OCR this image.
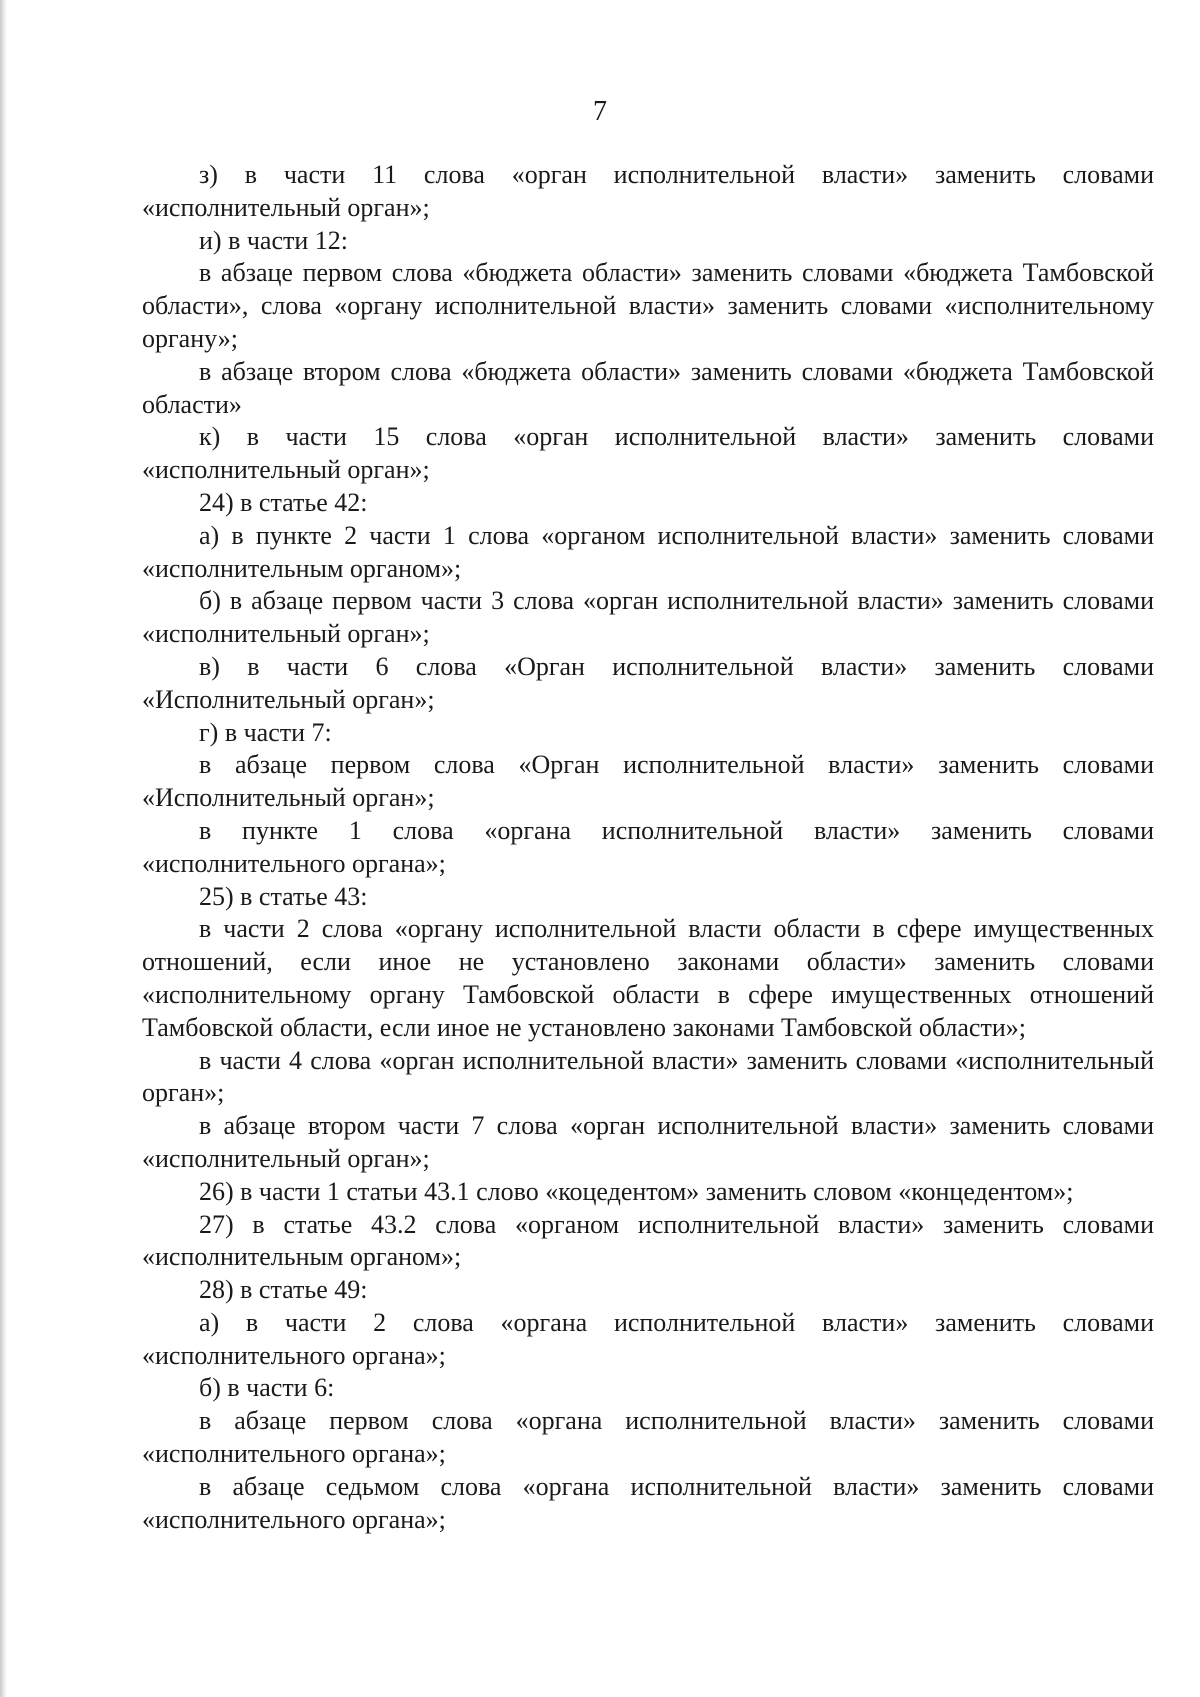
7

з) в части 11 слова «орган исполнительной власти» заменить словами «исполнительный орган»;

и) в части 12:

в абзаце первом слова «бюджета области» заменить словами «бюджета Тамбовской области», слова «органу исполнительной власти» заменить словами «исполнительному органу»;

в абзаце втором слова «бюджета области» заменить словами «бюджета Тамбовской области»

к) в части 15 слова «орган исполнительной власти» заменить словами «исполнительный орган»;

24) в статье 42:

а) в пункте 2 части 1 слова «органом исполнительной власти» заменить словами «исполнительным органом»;

б) в абзаце первом части 3 слова «орган исполнительной власти» заменить словами «исполнительный орган»;

в) в части 6 слова «Орган исполнительной власти» заменить словами «Исполнительный орган»;

г) в части 7:

в абзаце первом слова «Орган исполнительной власти» заменить словами «Исполнительный орган»;

в пункте 1 слова «органа исполнительной власти» заменить словами «исполнительного органа»;

25) в статье 43:

в части 2 слова «органу исполнительной власти области в сфере имущественных отношений, если иное не установлено законами области» заменить словами «исполнительному органу Тамбовской области в сфере имущественных отношений Тамбовской области, если иное не установлено законами Тамбовской области»;

в части 4 слова «орган исполнительной власти» заменить словами «исполнительный орган»;

в абзаце втором части 7 слова «орган исполнительной власти» заменить словами «исполнительный орган»;

26) в части 1 статьи 43.1 слово «коцедентом» заменить словом «концедентом»;

27) в статье 43.2 слова «органом исполнительной власти» заменить словами «исполнительным органом»;

28) в статье 49:

а) в части 2 слова «органа исполнительной власти» заменить словами «исполнительного органа»;

б) в части 6:

в абзаце первом слова «органа исполнительной власти» заменить словами «исполнительного органа»;

в абзаце седьмом слова «органа исполнительной власти» заменить словами «исполнительного органа»;
